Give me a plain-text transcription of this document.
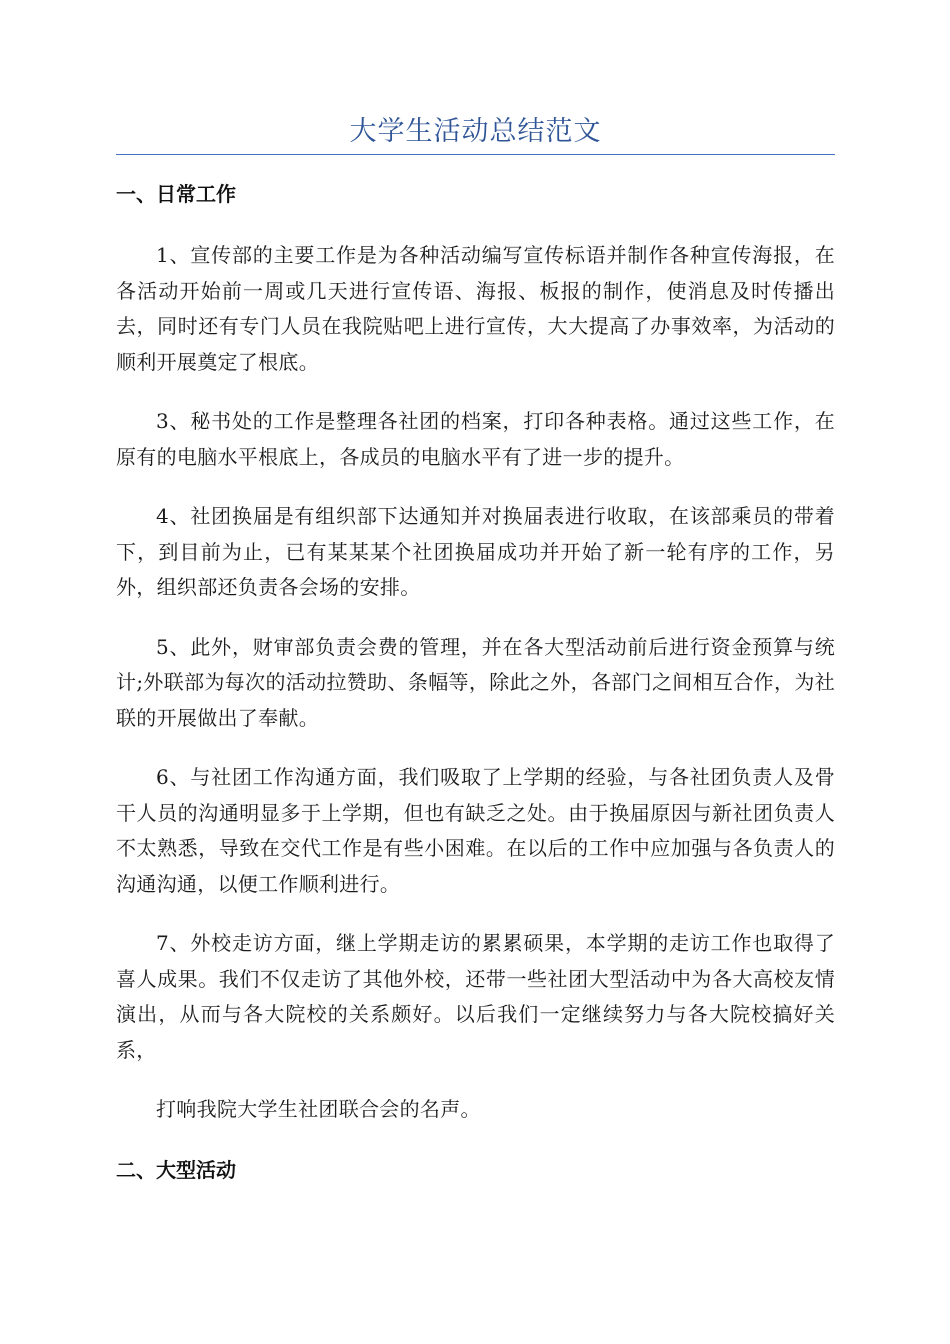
大学生活动总结范文
一、日常工作

1、宣传部的主要工作是为各种活动编写宣传标语并制作各种宣传海报，在各活动开始前一周或几天进行宣传语、海报、板报的制作，使消息及时传播出去，同时还有专门人员在我院贴吧上进行宣传，大大提高了办事效率，为活动的顺利开展奠定了根底。

3、秘书处的工作是整理各社团的档案，打印各种表格。通过这些工作，在原有的电脑水平根底上，各成员的电脑水平有了进一步的提升。

4、社团换届是有组织部下达通知并对换届表进行收取，在该部乘员的带着下，到目前为止，已有某某某个社团换届成功并开始了新一轮有序的工作，另外，组织部还负责各会场的安排。

5、此外，财审部负责会费的管理，并在各大型活动前后进行资金预算与统计;外联部为每次的活动拉赞助、条幅等，除此之外，各部门之间相互合作，为社联的开展做出了奉献。

6、与社团工作沟通方面，我们吸取了上学期的经验，与各社团负责人及骨干人员的沟通明显多于上学期，但也有缺乏之处。由于换届原因与新社团负责人不太熟悉，导致在交代工作是有些小困难。在以后的工作中应加强与各负责人的沟通沟通，以便工作顺利进行。

7、外校走访方面，继上学期走访的累累硕果，本学期的走访工作也取得了喜人成果。我们不仅走访了其他外校，还带一些社团大型活动中为各大高校友情演出，从而与各大院校的关系颇好。以后我们一定继续努力与各大院校搞好关系，

打响我院大学生社团联合会的名声。

二、大型活动
